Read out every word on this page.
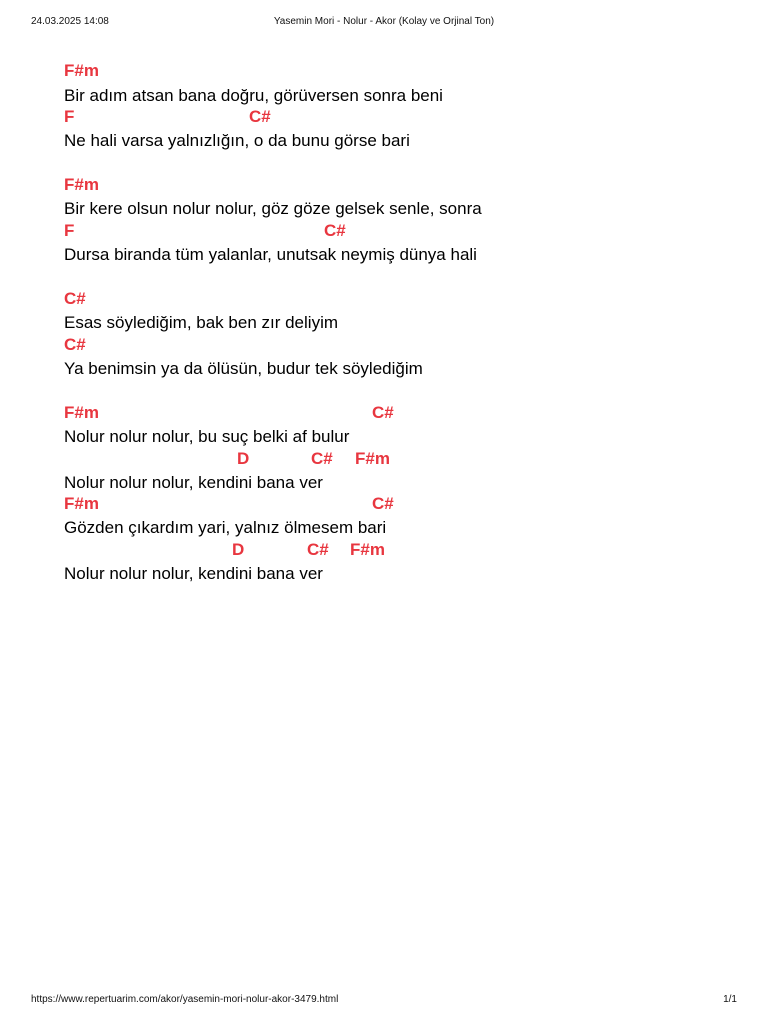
Yasemin Mori - Nolur - Akor (Kolay ve Orjinal Ton)
24.03.2025 14:08
F#m
Bir adım atsan bana doğru, görüversen sonra beni
F	C#
Ne hali varsa yalnızlığın, o da bunu görse bari
F#m
Bir kere olsun nolur nolur, göz göze gelsek senle, sonra
F	C#
Dursa biranda tüm yalanlar, unutsak neymiş dünya hali
C#
Esas söylediğim, bak ben zır deliyim
C#
Ya benimsin ya da ölüsün, budur tek söylediğim
F#m	C#
Nolur nolur nolur, bu suç belki af bulur
D	C# F#m
Nolur nolur nolur, kendini bana ver
F#m	C#
Gözden çıkardım yari, yalnız ölmesem bari
D	C# F#m
Nolur nolur nolur, kendini bana ver
https://www.repertuarim.com/akor/yasemin-mori-nolur-akor-3479.html	1/1
